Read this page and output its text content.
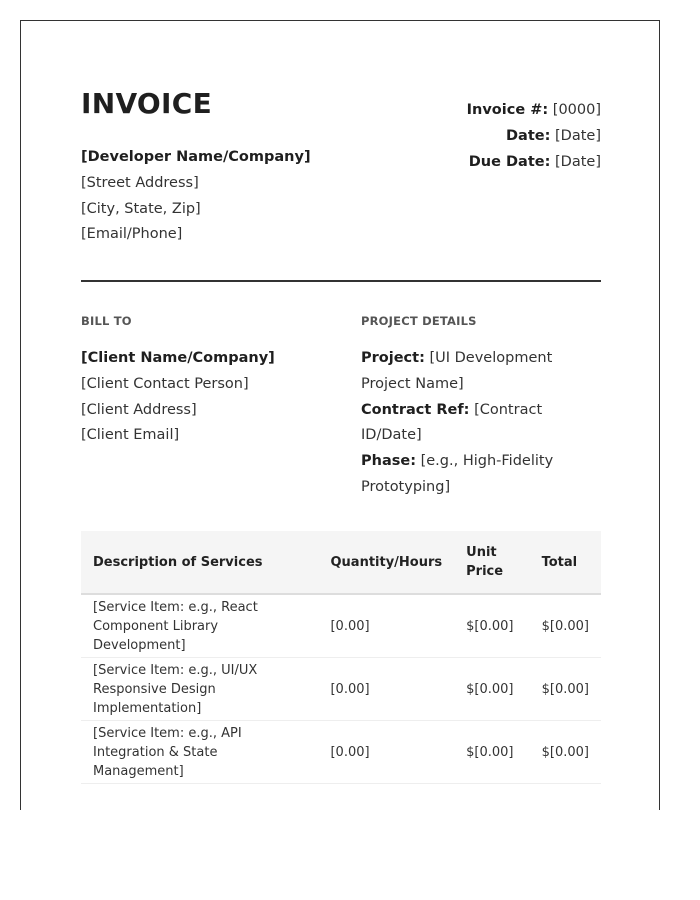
INVOICE
[Developer Name/Company]
[Street Address]
[City, State, Zip]
[Email/Phone]
Invoice #: [0000]
Date: [Date]
Due Date: [Date]
BILL TO
[Client Name/Company]
[Client Contact Person]
[Client Address]
[Client Email]
PROJECT DETAILS
Project: [UI Development Project Name]
Contract Ref: [Contract ID/Date]
Phase: [e.g., High-Fidelity Prototyping]
Description of Services	Quantity/Hours	Unit Price	Total
[Service Item: e.g., React Component Library Development]	[0.00]	$[0.00]	$[0.00]
[Service Item: e.g., UI/UX Responsive Design Implementation]	[0.00]	$[0.00]	$[0.00]
[Service Item: e.g., API Integration & State Management]	[0.00]	$[0.00]	$[0.00]
